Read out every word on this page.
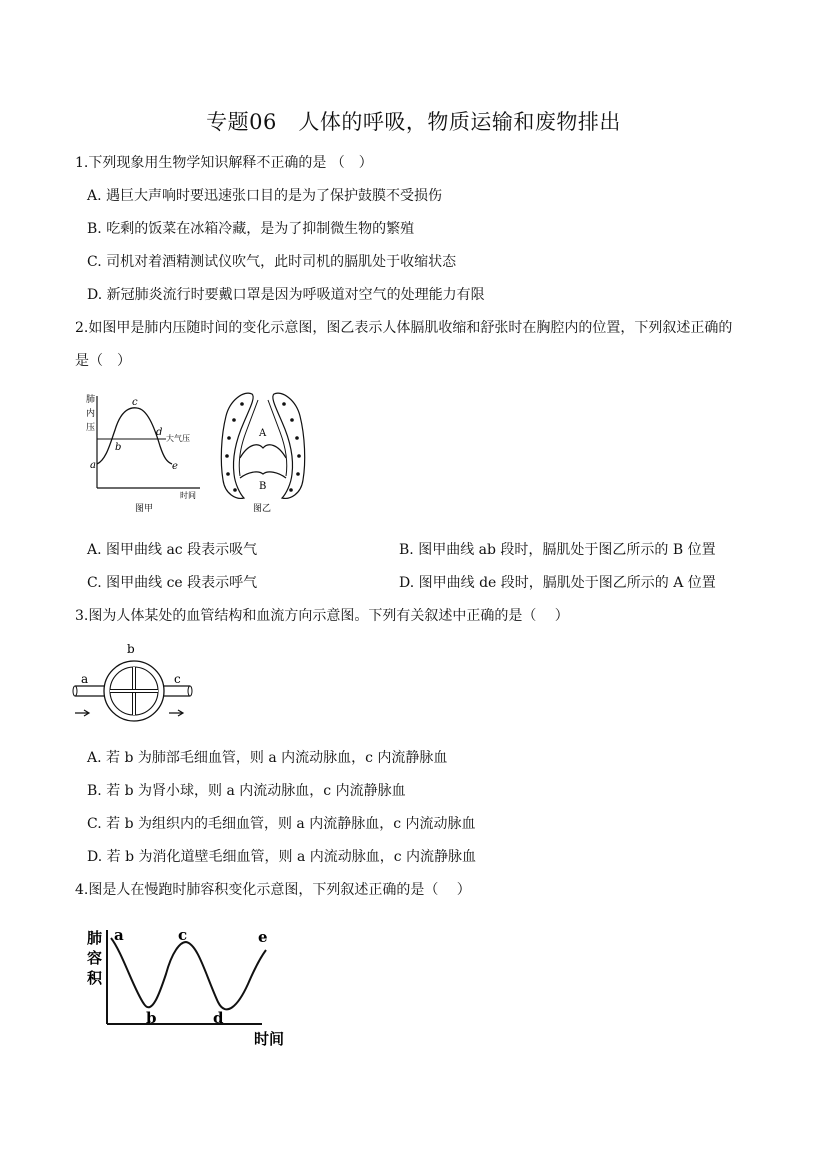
专题06　人体的呼吸，物质运输和废物排出
1.下列现象用生物学知识解释不正确的是 （　）
A. 遇巨大声响时要迅速张口目的是为了保护鼓膜不受损伤
B. 吃剩的饭菜在冰箱冷藏，是为了抑制微生物的繁殖
C. 司机对着酒精测试仪吹气，此时司机的膈肌处于收缩状态
D. 新冠肺炎流行时要戴口罩是因为呼吸道对空气的处理能力有限
2.如图甲是肺内压随时间的变化示意图，图乙表示人体膈肌收缩和舒张时在胸腔内的位置，下列叙述正确的
是（　）
肺
内
压
a
b
c
d
e
大气压
时间
图甲
A
B
图乙
A. 图甲曲线 ac 段表示吸气	B. 图甲曲线 ab 段时，膈肌处于图乙所示的 B 位置
C. 图甲曲线 ce 段表示呼气	D. 图甲曲线 de 段时，膈肌处于图乙所示的 A 位置
3.图为人体某处的血管结构和血流方向示意图。下列有关叙述中正确的是（　 ）
b
a	c
A. 若 b 为肺部毛细血管，则 a 内流动脉血，c 内流静脉血
B. 若 b 为肾小球，则 a 内流动脉血，c 内流静脉血
C. 若 b 为组织内的毛细血管，则 a 内流静脉血，c 内流动脉血
D. 若 b 为消化道壁毛细血管，则 a 内流动脉血，c 内流静脉血
4.图是人在慢跑时肺容积变化示意图，下列叙述正确的是（　 ）
肺
容
积
a
b
c
d
e
时间
